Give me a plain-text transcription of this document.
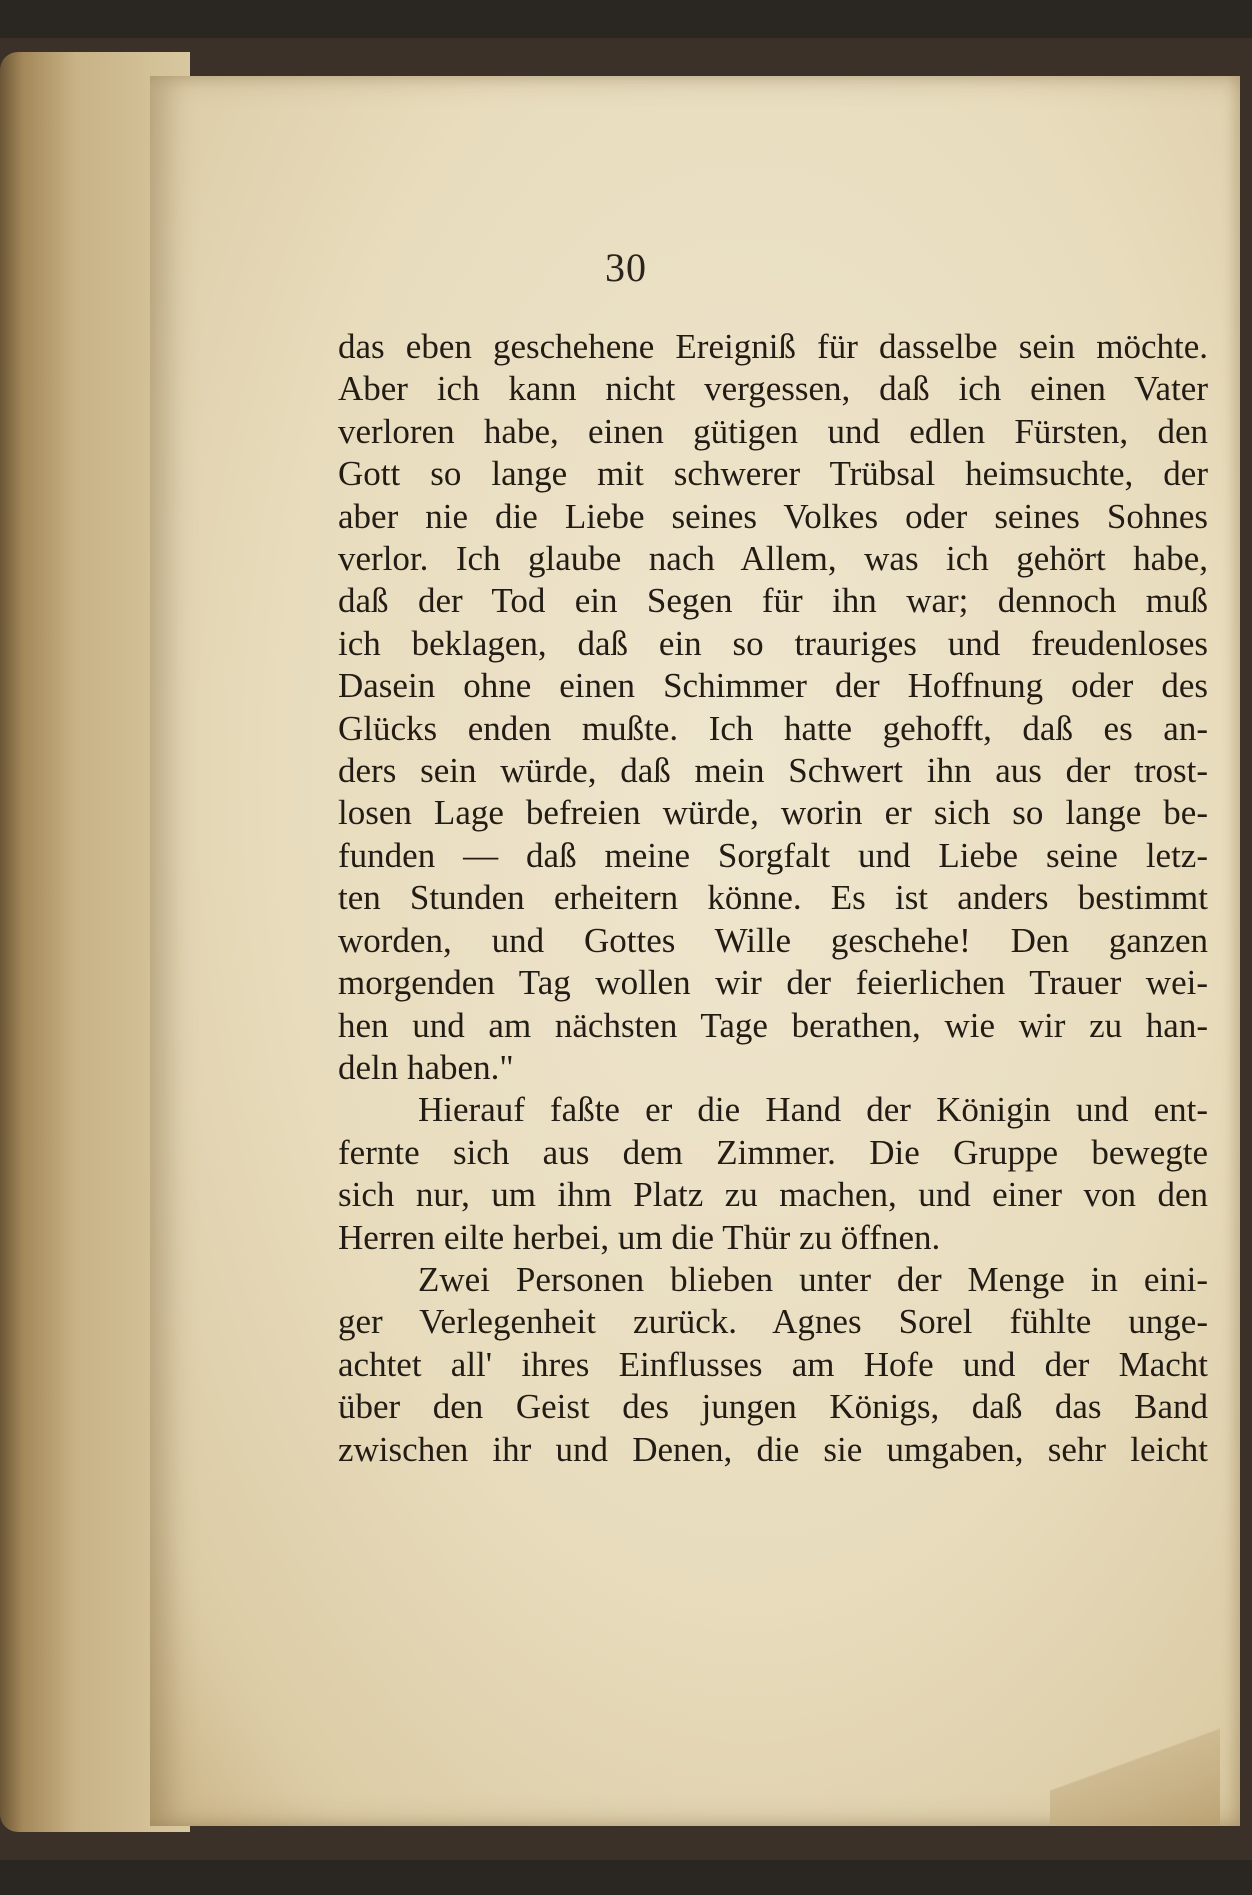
30
das eben geschehene Ereigniß für dasselbe sein möchte.
Aber ich kann nicht vergessen, daß ich einen Vater
verloren habe, einen gütigen und edlen Fürsten, den
Gott so lange mit schwerer Trübsal heimsuchte, der
aber nie die Liebe seines Volkes oder seines Sohnes
verlor. Ich glaube nach Allem, was ich gehört habe,
daß der Tod ein Segen für ihn war; dennoch muß
ich beklagen, daß ein so trauriges und freudenloses
Dasein ohne einen Schimmer der Hoffnung oder des
Glücks enden mußte. Ich hatte gehofft, daß es an-
ders sein würde, daß mein Schwert ihn aus der trost-
losen Lage befreien würde, worin er sich so lange be-
funden — daß meine Sorgfalt und Liebe seine letz-
ten Stunden erheitern könne. Es ist anders bestimmt
worden, und Gottes Wille geschehe! Den ganzen
morgenden Tag wollen wir der feierlichen Trauer wei-
hen und am nächsten Tage berathen, wie wir zu han-
deln haben."
Hierauf faßte er die Hand der Königin und ent-
fernte sich aus dem Zimmer. Die Gruppe bewegte
sich nur, um ihm Platz zu machen, und einer von den
Herren eilte herbei, um die Thür zu öffnen.
Zwei Personen blieben unter der Menge in eini-
ger Verlegenheit zurück. Agnes Sorel fühlte unge-
achtet all' ihres Einflusses am Hofe und der Macht
über den Geist des jungen Königs, daß das Band
zwischen ihr und Denen, die sie umgaben, sehr leicht
